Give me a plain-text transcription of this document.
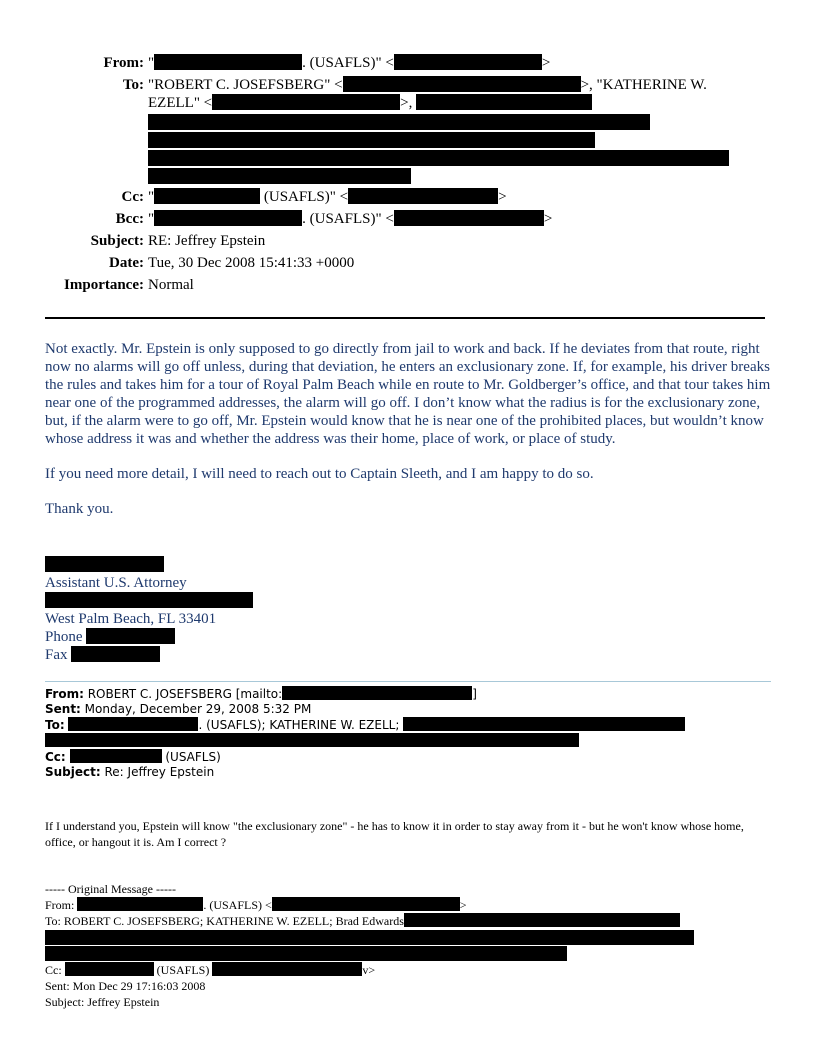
From: "	. (USAFLS)" <	>
To: "ROBERT C. JOSEFSBERG" <	>, "KATHERINE W. EZELL" <	>,
Cc: "	(USAFLS)" <	>
Bcc: "	. (USAFLS)" <	>
Subject: RE: Jeffrey Epstein
Date: Tue, 30 Dec 2008 15:41:33 +0000
Importance: Normal

Not exactly. Mr. Epstein is only supposed to go directly from jail to work and back. If he deviates from that route, right now no alarms will go off unless, during that deviation, he enters an exclusionary zone. If, for example, his driver breaks the rules and takes him for a tour of Royal Palm Beach while en route to Mr. Goldberger’s office, and that tour takes him near one of the programmed addresses, the alarm will go off. I don’t know what the radius is for the exclusionary zone, but, if the alarm were to go off, Mr. Epstein would know that he is near one of the prohibited places, but wouldn’t know whose address it was and whether the address was their home, place of work, or place of study.

If you need more detail, I will need to reach out to Captain Sleeth, and I am happy to do so.

Thank you.

Assistant U.S. Attorney
West Palm Beach, FL 33401
Phone
Fax
From: ROBERT C. JOSEFSBERG [mailto:	]
Sent: Monday, December 29, 2008 5:32 PM
To:	. (USAFLS); KATHERINE W. EZELL;
Cc:	(USAFLS)
Subject: Re: Jeffrey Epstein
If I understand you, Epstein will know "the exclusionary zone" - he has to know it in order to stay away from it - but he won't know whose home, office, or hangout it is. Am I correct ?
----- Original Message -----
From:	. (USAFLS) <	>
To: ROBERT C. JOSEFSBERG; KATHERINE W. EZELL; Brad Edwards
Cc:	(USAFLS)	v>
Sent: Mon Dec 29 17:16:03 2008
Subject: Jeffrey Epstein
